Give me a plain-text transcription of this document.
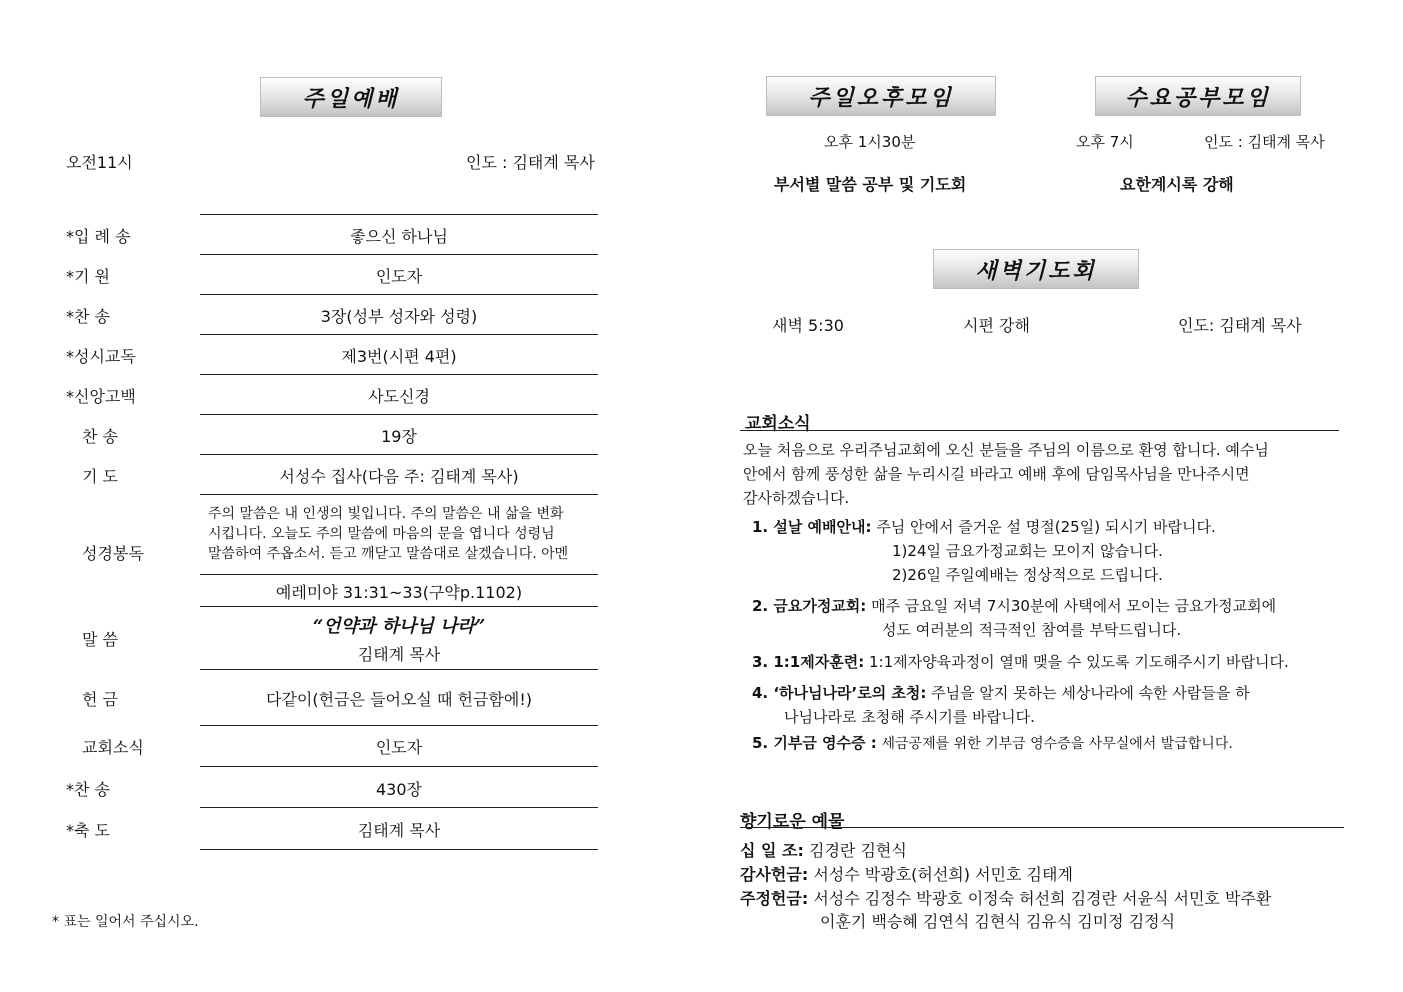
주일예배
오전11시	인도 : 김태계 목사
*입 례 송	좋으신 하나님
*기 원	인도자
*찬 송	3장(성부 성자와 성령)
*성시교독	제3번(시편 4편)
*신앙고백	사도신경
찬 송	19장
기 도	서성수 집사(다음 주: 김태계 목사)
성경봉독
주의 말씀은 내 인생의 빛입니다. 주의 말씀은 내 삶을 변화
시킵니다. 오늘도 주의 말씀에 마음의 문을 엽니다 성령님
말씀하여 주옵소서. 듣고 깨닫고 말씀대로 살겠습니다. 아멘
예레미야 31:31~33(구약p.1102)
말 씀
“언약과 하나님 나라”
김태계 목사
헌 금	다같이(헌금은 들어오실 때 헌금함에!)
교회소식	인도자
*찬 송	430장
*축 도	김태계 목사
* 표는 일어서 주십시오.
주일오후모임	수요공부모임
오후 1시30분	오후 7시	인도 : 김태계 목사
부서별 말씀 공부 및 기도회	요한계시록 강해
새벽기도회
새벽 5:30	시편 강해	인도: 김태계 목사
교회소식
오늘 처음으로 우리주님교회에 오신 분들을 주님의 이름으로 환영 합니다. 예수님
안에서 함께 풍성한 삶을 누리시길 바라고 예배 후에 담임목사님을 만나주시면
감사하겠습니다.
1. 설날 예배안내: 주님 안에서 즐거운 설 명절(25일) 되시기 바랍니다.
1)24일 금요가정교회는 모이지 않습니다.
2)26일 주일예배는 정상적으로 드립니다.
2. 금요가정교회: 매주 금요일 저녁 7시30분에 사택에서 모이는 금요가정교회에
성도 여러분의 적극적인 참여를 부탁드립니다.
3. 1:1제자훈련: 1:1제자양육과정이 열매 맺을 수 있도록 기도해주시기 바랍니다.
4. ‘하나님나라’로의 초청: 주님을 알지 못하는 세상나라에 속한 사람들을 하
나님나라로 초청해 주시기를 바랍니다.
5. 기부금 영수증 : 세금공제를 위한 기부금 영수증을 사무실에서 발급합니다.
향기로운 예물
십 일 조: 김경란 김현식
감사헌금: 서성수 박광호(허선희) 서민호 김태계
주정헌금: 서성수 김정수 박광호 이정숙 허선희 김경란 서윤식 서민호 박주환
이훈기 백승혜 김연식 김현식 김유식 김미정 김정식
